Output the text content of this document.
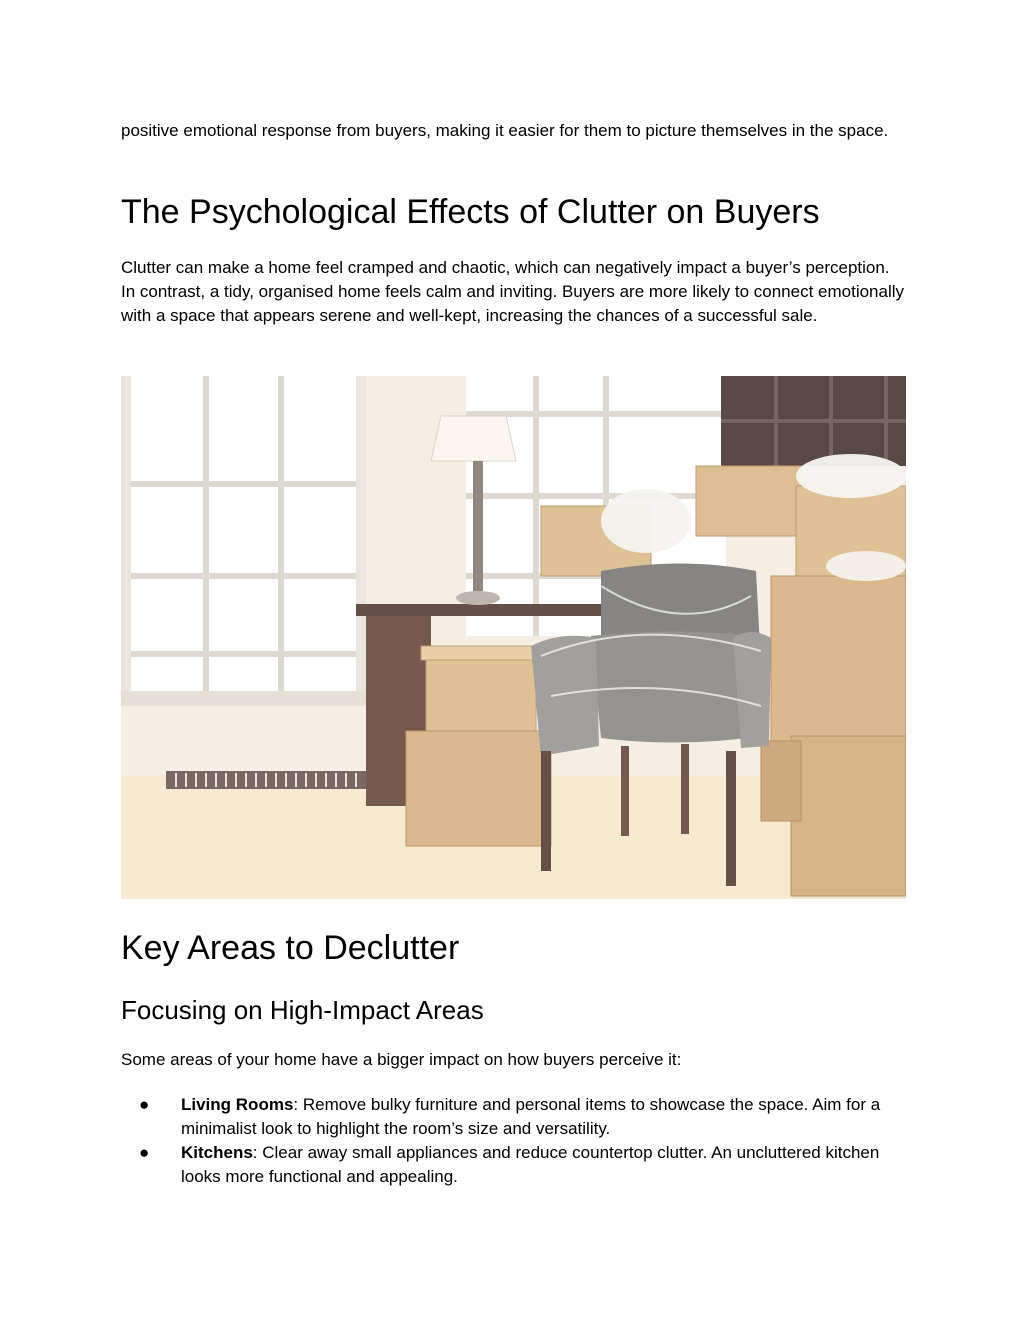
positive emotional response from buyers, making it easier for them to picture themselves in the space.

The Psychological Effects of Clutter on Buyers

Clutter can make a home feel cramped and chaotic, which can negatively impact a buyer’s perception. In contrast, a tidy, organised home feels calm and inviting. Buyers are more likely to connect emotionally with a space that appears serene and well-kept, increasing the chances of a successful sale.

Key Areas to Declutter
Focusing on High-Impact Areas

Some areas of your home have a bigger impact on how buyers perceive it:

● Living Rooms: Remove bulky furniture and personal items to showcase the space. Aim for a minimalist look to highlight the room’s size and versatility.
● Kitchens: Clear away small appliances and reduce countertop clutter. An uncluttered kitchen looks more functional and appealing.
